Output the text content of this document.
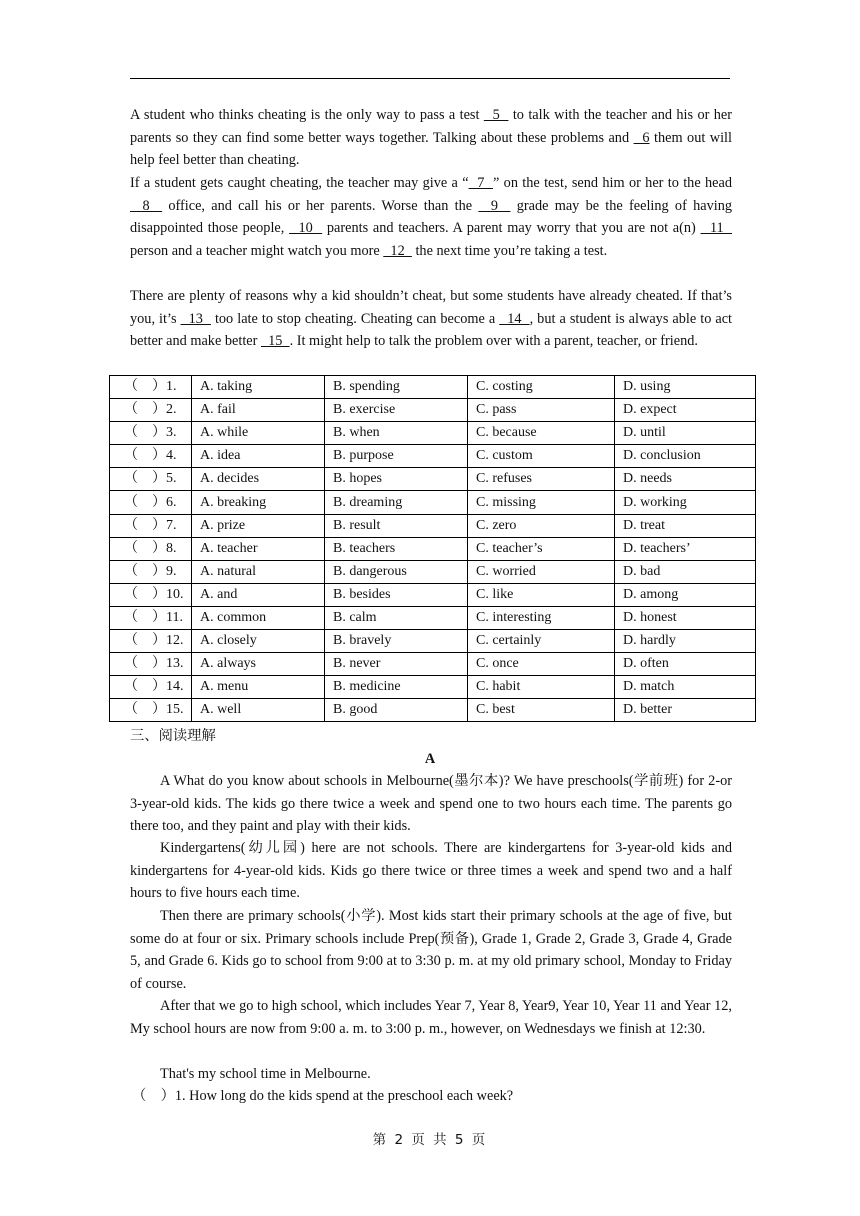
A student who thinks cheating is the only way to pass a test   5   to talk with the teacher and his or her parents so they can find some better ways together. Talking about these problems and   6 them out will help feel better than cheating.

If a student gets caught cheating, the teacher may give a “  7  ” on the test, send him or her to the head   8   office, and call his or her parents. Worse than the   9   grade may be the feeling of having disappointed those people,   10   parents and teachers. A parent may worry that you are not a(n)   11   person and a teacher might watch you more   12   the next time you’re taking a test.

There are plenty of reasons why a kid shouldn’t cheat, but some students have already cheated. If that’s you, it’s   13   too late to stop cheating. Cheating can become a   14  , but a student is always able to act better and make better   15  . It might help to talk the problem over with a parent, teacher, or friend.

（　）1.	A. taking	B. spending	C. costing	D. using
（　）2.	A. fail	B. exercise	C. pass	D. expect
（　）3.	A. while	B. when	C. because	D. until
（　）4.	A. idea	B. purpose	C. custom	D. conclusion
（　）5.	A. decides	B. hopes	C. refuses	D. needs
（　）6.	A. breaking	B. dreaming	C. missing	D. working
（　）7.	A. prize	B. result	C. zero	D. treat
（　）8.	A. teacher	B. teachers	C. teacher’s	D. teachers’
（　）9.	A. natural	B. dangerous	C. worried	D. bad
（　）10.	A. and	B. besides	C. like	D. among
（　）11.	A. common	B. calm	C. interesting	D. honest
（　）12.	A. closely	B. bravely	C. certainly	D. hardly
（　）13.	A. always	B. never	C. once	D. often
（　）14.	A. menu	B. medicine	C. habit	D. match
（　）15.	A. well	B. good	C. best	D. better
三、阅读理解
A

A What do you know about schools in Melbourne(墨尔本)? We have preschools(学前班) for 2-or 3-year-old kids. The kids go there twice a week and spend one to two hours each time. The parents go there too, and they paint and play with their kids.

Kindergartens(幼儿园) here are not schools. There are kindergartens for 3-year-old kids and kindergartens for 4-year-old kids. Kids go there twice or three times a week and spend two and a half hours to five hours each time.

Then there are primary schools(小学). Most kids start their primary schools at the age of five, but some do at four or six. Primary schools include Prep(预备), Grade 1, Grade 2, Grade 3, Grade 4, Grade 5, and Grade 6. Kids go to school from 9:00 at to 3:30 p. m. at my old primary school, Monday to Friday of course.

After that we go to high school, which includes Year 7, Year 8, Year9, Year 10, Year 11 and Year 12, My school hours are now from 9:00 a. m. to 3:00 p. m., however, on Wednesdays we finish at 12:30.

That's my school time in Melbourne.

（　）1. How long do the kids spend at the preschool each week?
第 2 页 共 5 页
